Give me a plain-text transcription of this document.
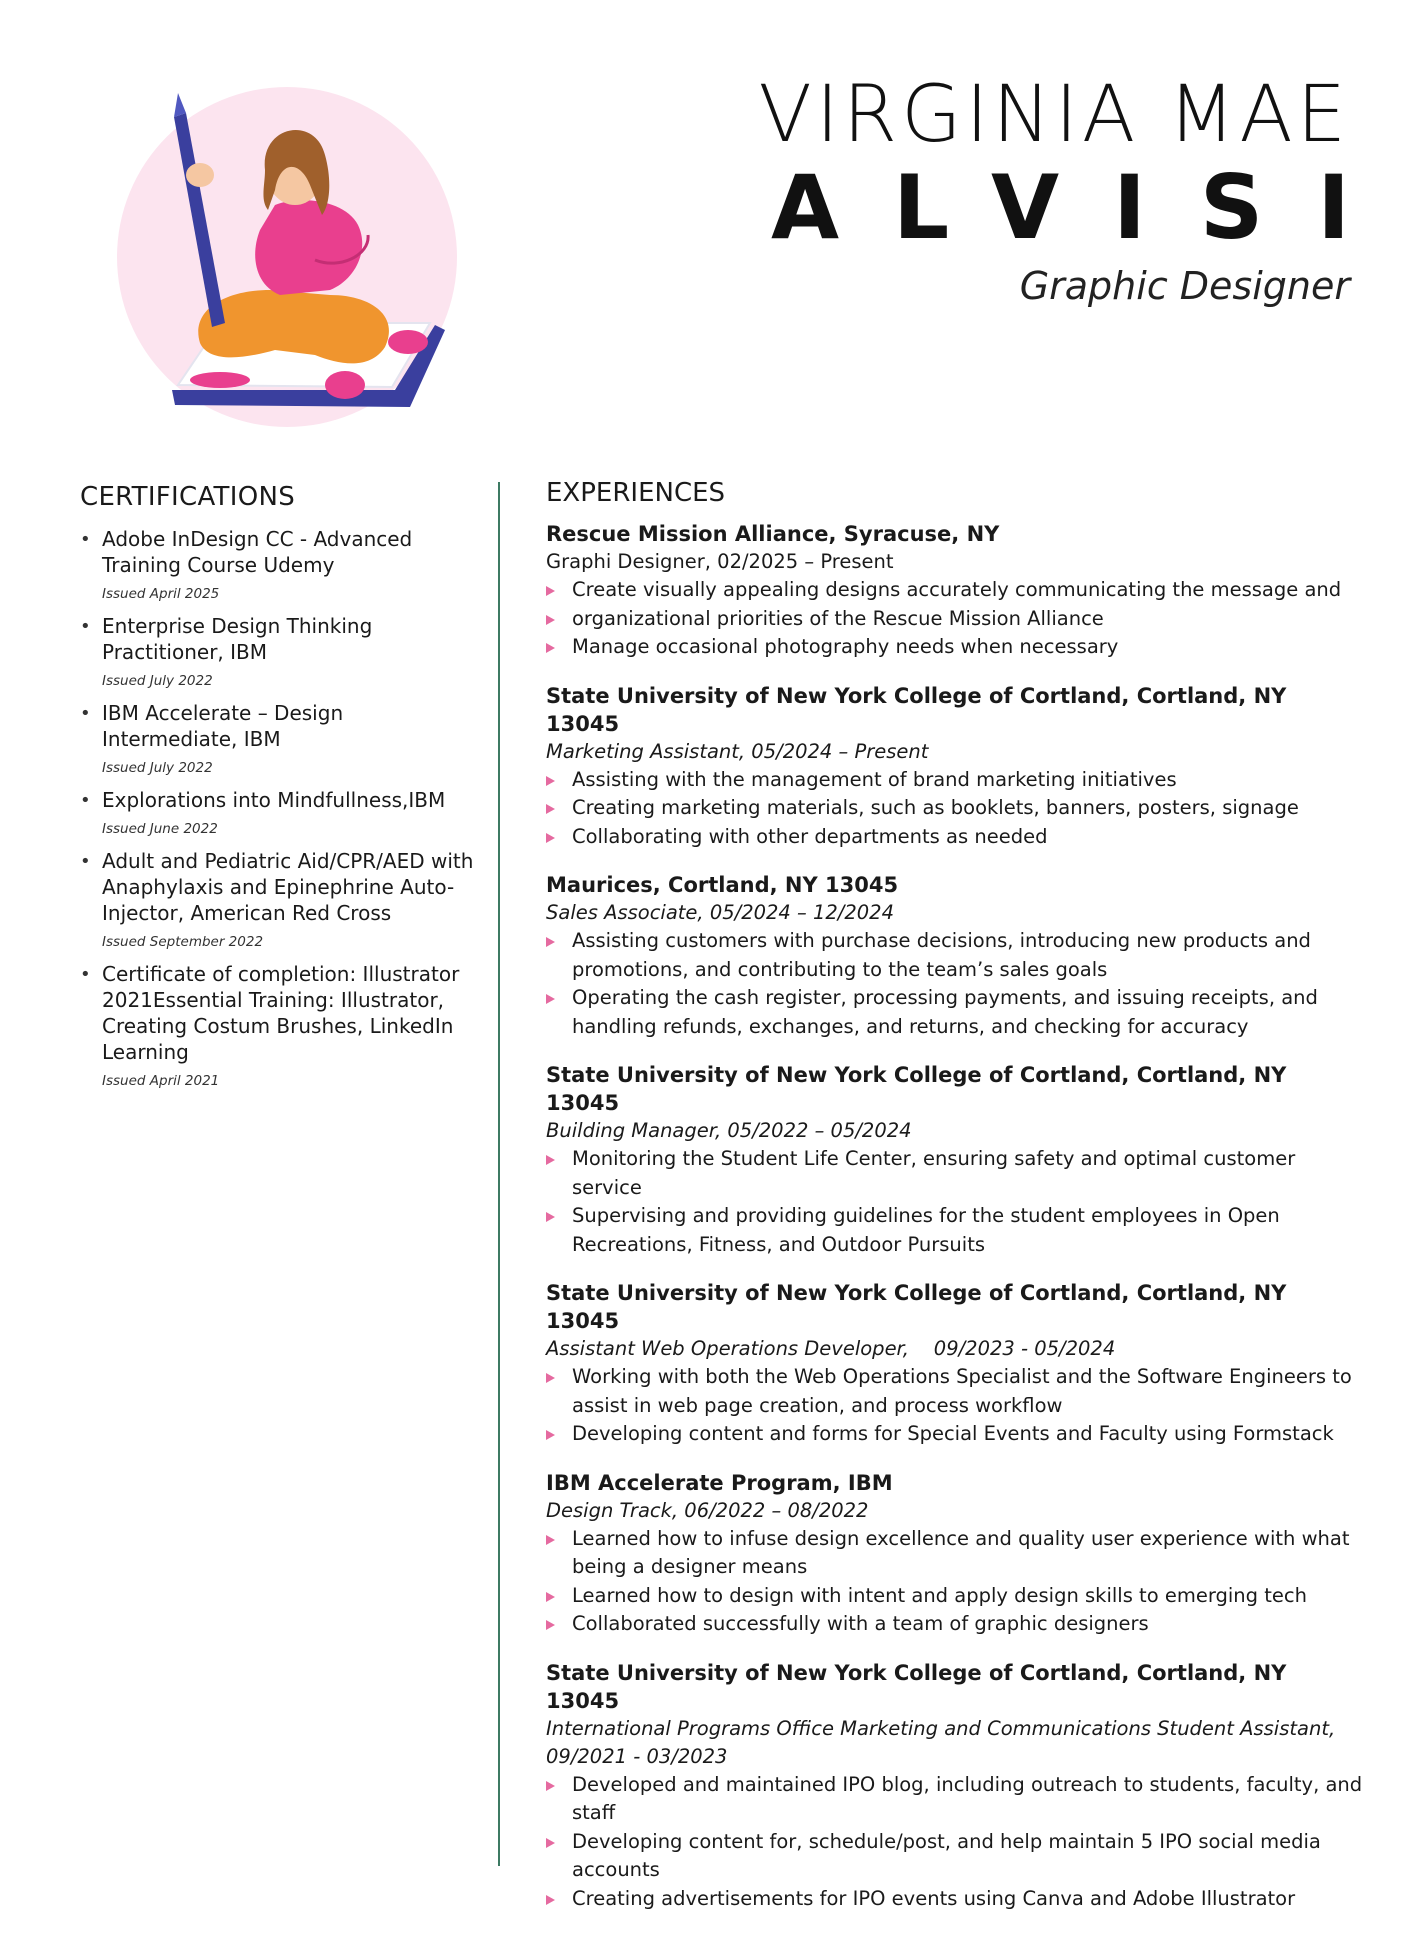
VIRGINIA MAE
ALVISI
Graphic Designer
CERTIFICATIONS
• Adobe InDesign CC - Advanced Training Course Udemy
Issued April 2025
• Enterprise Design Thinking Practitioner, IBM
Issued July 2022
• IBM Accelerate – Design Intermediate, IBM
Issued July 2022
• Explorations into Mindfullness,IBM
Issued June 2022
• Adult and Pediatric Aid/CPR/AED with Anaphylaxis and Epinephrine Auto-Injector, American Red Cross
Issued September 2022
• Certificate of completion: Illustrator 2021Essential Training: Illustrator, Creating Costum Brushes, LinkedIn Learning
Issued April 2021
EXPERIENCES
Rescue Mission Alliance, Syracuse, NY
Graphi Designer, 02/2025 – Present
Create visually appealing designs accurately communicating the message and
organizational priorities of the Rescue Mission Alliance
Manage occasional photography needs when necessary
State University of New York College of Cortland, Cortland, NY 13045
Marketing Assistant, 05/2024 – Present
Assisting with the management of brand marketing initiatives
Creating marketing materials, such as booklets, banners, posters, signage
Collaborating with other departments as needed
Maurices, Cortland, NY 13045
Sales Associate, 05/2024 – 12/2024
Assisting customers with purchase decisions, introducing new products and promotions, and contributing to the team’s sales goals
Operating the cash register, processing payments, and issuing receipts, and handling refunds, exchanges, and returns, and checking for accuracy
State University of New York College of Cortland, Cortland, NY 13045
Building Manager, 05/2022 – 05/2024
Monitoring the Student Life Center, ensuring safety and optimal customer service
Supervising and providing guidelines for the student employees in Open Recreations, Fitness, and Outdoor Pursuits
State University of New York College of Cortland, Cortland, NY 13045
Assistant Web Operations Developer,    09/2023 - 05/2024
Working with both the Web Operations Specialist and the Software Engineers to assist in web page creation, and process workflow
Developing content and forms for Special Events and Faculty using Formstack
IBM Accelerate Program, IBM
Design Track, 06/2022 – 08/2022
Learned how to infuse design excellence and quality user experience with what being a designer means
Learned how to design with intent and apply design skills to emerging tech
Collaborated successfully with a team of graphic designers
State University of New York College of Cortland, Cortland, NY 13045
International Programs Office Marketing and Communications Student Assistant, 09/2021 - 03/2023
Developed and maintained IPO blog, including outreach to students, faculty, and staff
Developing content for, schedule/post, and help maintain 5 IPO social media accounts
Creating advertisements for IPO events using Canva and Adobe Illustrator
